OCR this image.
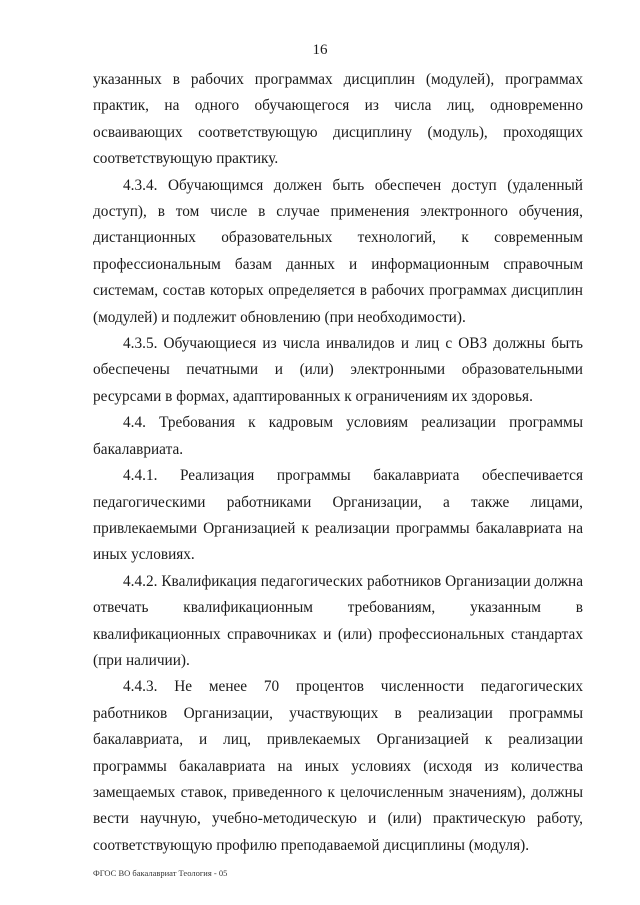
16

указанных в рабочих программах дисциплин (модулей), программах практик, на одного обучающегося из числа лиц, одновременно осваивающих соответствующую дисциплину (модуль), проходящих соответствующую практику.

4.3.4. Обучающимся должен быть обеспечен доступ (удаленный доступ), в том числе в случае применения электронного обучения, дистанционных образовательных технологий, к современным профессиональным базам данных и информационным справочным системам, состав которых определяется в рабочих программах дисциплин (модулей) и подлежит обновлению (при необходимости).

4.3.5. Обучающиеся из числа инвалидов и лиц с ОВЗ должны быть обеспечены печатными и (или) электронными образовательными ресурсами в формах, адаптированных к ограничениям их здоровья.

4.4. Требования к кадровым условиям реализации программы бакалавриата.

4.4.1. Реализация программы бакалавриата обеспечивается педагогическими работниками Организации, а также лицами, привлекаемыми Организацией к реализации программы бакалавриата на иных условиях.

4.4.2. Квалификация педагогических работников Организации должна отвечать квалификационным требованиям, указанным в квалификационных справочниках и (или) профессиональных стандартах (при наличии).

4.4.3. Не менее 70 процентов численности педагогических работников Организации, участвующих в реализации программы бакалавриата, и лиц, привлекаемых Организацией к реализации программы бакалавриата на иных условиях (исходя из количества замещаемых ставок, приведенного к целочисленным значениям), должны вести научную, учебно-методическую и (или) практическую работу, соответствующую профилю преподаваемой дисциплины (модуля).

ФГОС ВО бакалавриат Теология - 05
